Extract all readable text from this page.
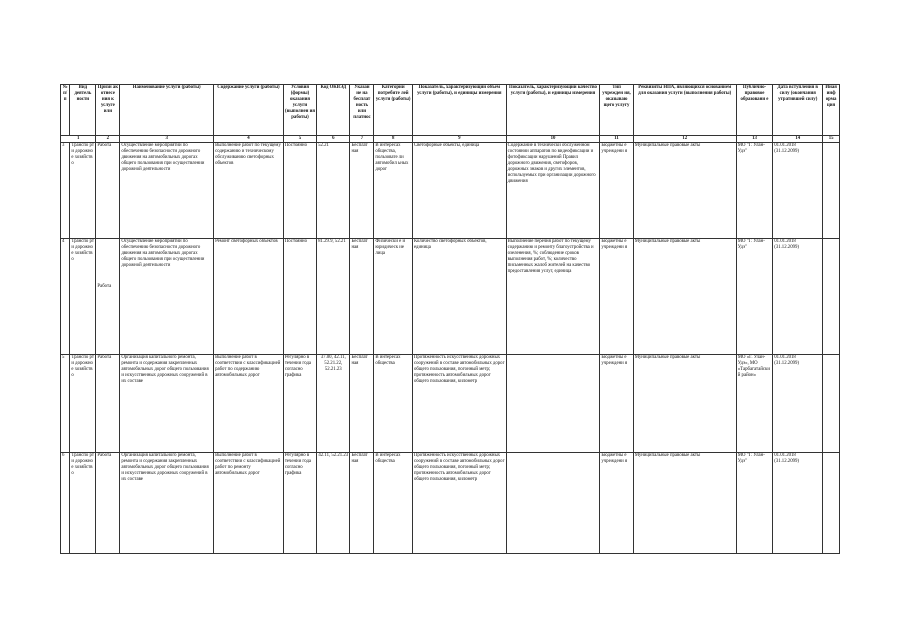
№ п/п	Вид деятель ности	Призн ак отнесе ния к услуге или	Наименование услуги (работы)	Содержание услуги (работы)	Условия (формы) оказания услуги (выполнен ия работы)	Код ОКВЭД	Указан ие на бесплат ность или платнос	Категории потребите лей услуги (работы)	Показатель, характеризующий объем услуги (работы), и единицы измерения	Показатель, характеризующий качество услуги (работы), и единицы измерения	Тип учрежден ия, оказываю щего услугу	Реквизиты НПА, являющихся основанием для оказания услуги (выполнения работы)	Публично-правовое образовани е	Дата вступления в силу (окончания утратившей силу)	Иная инф орма ция
1		2	3	4	5	6	7	8	9	10	11	12	13	14	15
3	Транспо рт и дорожно е хозяйств о	Работа	Осуществление мероприятий по обеспечению безопасности дорожного движения на автомобильных дорогах общего пользования при осуществлении дорожной деятельности	Выполнение работ по текущему содержанию и техническому обслуживанию светофорных объектов	Постоянно	52.21	Бесплат ная	В интересах общества, пользовате ли автомобил ьных дорог	Светофорные объекты, единица	Содержание в технически обслуженном состоянии аппаратов по видеофиксации и фотофиксации нарушений Правил дорожного движения, светофоров, дорожных знаков и других элементов, используемых при организации дорожного движения	Бюджетны е учреждени я	Муниципальные правовые акты	МО "Г. Улан-Удэ"	01.01.2018 (31.12.2099)	
4	Транспо рт и дорожно е хозяйств о	Работа	Осуществление мероприятий по обеспечению безопасности дорожного движения на автомобильных дорогах общего пользования при осуществлении дорожной деятельности	Ремонт светофорных объектов	Постоянно	81.29.9, 52.21	Бесплат ная	Физически е и юридическ ие лица	Количество светофорных объектов, единица	Выполнение перечня работ по текущему содержанию и ремонту благоустройства и озеленения, %; соблюдение сроков выполнения работ, %; количество письменных жалоб жителей на качество предоставления услуг, единица	Бюджетны е учреждени я	Муниципальные правовые акты	МО "Г. Улан-Удэ"	01.01.2018 (31.12.2099)	
5	Транспо рт и дорожно е хозяйств о	Работа	Организация капитального ремонта, ремонта и содержания закрепленных автомобильных дорог общего пользования и искусственных дорожных сооружений в их составе	Выполнение работ в соответствии с классификацией работ по содержанию автомобильных дорог	Регулярно в течении года согласно графика	37.00, 42.11, 52.21.22, 52.21.23	Бесплат ная	В интересах общества	Протяженность искусственных дорожных сооружений в составе автомобильных дорог общего пользования, погонный метр; протяженность автомобильных дорог общего пользования, километр		Бюджетны е учреждени я	Муниципальные правовые акты	МО «Г. Улан-Удэ», МО «Тарбагатайский район»	01.01.2018 (31.12.2099)	
6	Транспо рт и дорожно е хозяйств о	Работа	Организация капитального ремонта, ремонта и содержания закрепленных автомобильных дорог общего пользования и искусственных дорожных сооружений в их составе	Выполнение работ в соответствии с классификацией работ по ремонту автомобильных дорог	Регулярно в течении года согласно графика	42.11, 52.21.23	Бесплат ная	В интересах общества	Протяженность искусственных дорожных сооружений в составе автомобильных дорог общего пользования, погонный метр; протяженность автомобильных дорог общего пользования, километр		Бюджетны е учреждени я	Муниципальные правовые акты	МО "Г. Улан-Удэ"	01.01.2018 (31.12.2099)	
